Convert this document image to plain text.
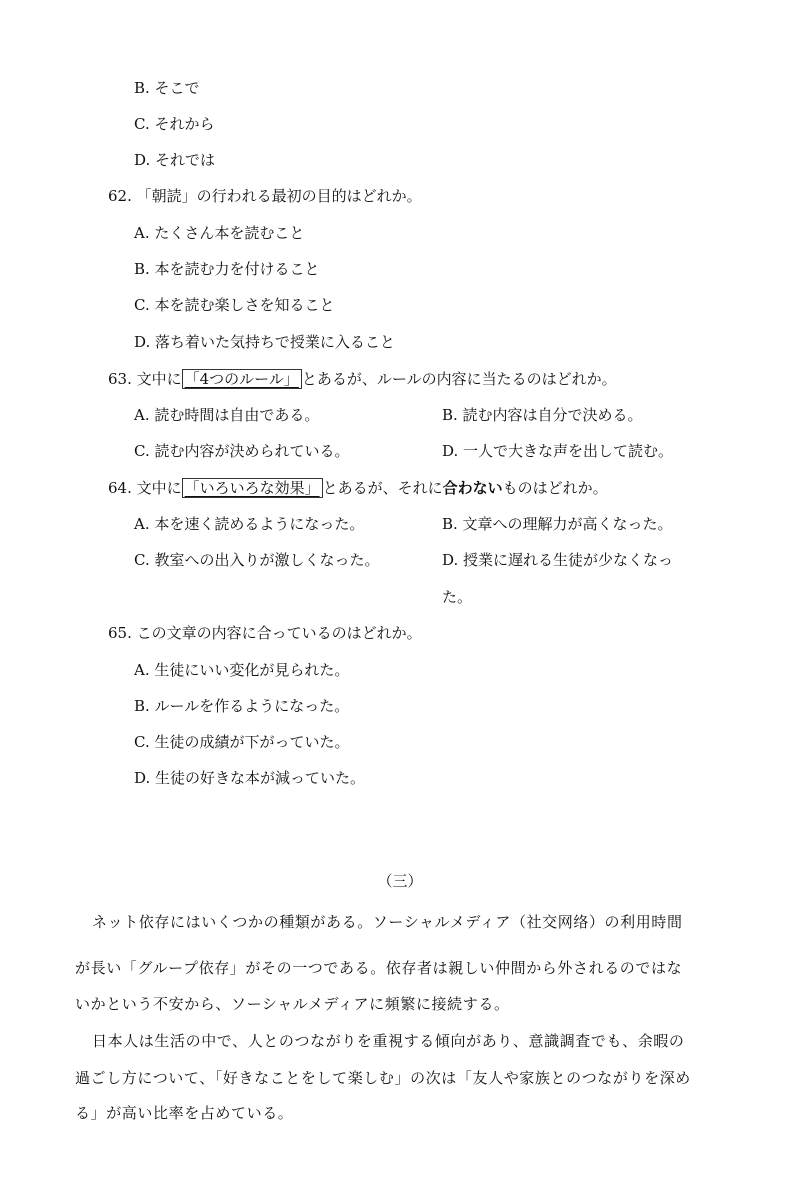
B. そこで
C. それから
D. それでは
62. 「朝読」の行われる最初の目的はどれか。
A. たくさん本を読むこと
B. 本を読む力を付けること
C. 本を読む楽しさを知ること
D. 落ち着いた気持ちで授業に入ること
63. 文中に 「4つのルール」 とあるが、ルールの内容に当たるのはどれか。
A. 読む時間は自由である。	B. 読む内容は自分で決める。
C. 読む内容が決められている。	D. 一人で大きな声を出して読む。
64. 文中に 「いろいろな効果」 とあるが、それに合わないものはどれか。
A. 本を速く読めるようになった。	B. 文章への理解力が高くなった。
C. 教室への出入りが激しくなった。	D. 授業に遅れる生徒が少なくなっ
た。
65. この文章の内容に合っているのはどれか。
A. 生徒にいい変化が見られた。
B. ルールを作るようになった。
C. 生徒の成績が下がっていた。
D. 生徒の好きな本が減っていた。
（三）
ネット依存にはいくつかの種類がある。ソーシャルメディア（社交网络）の利用時間
が長い「グループ依存」がその一つである。依存者は親しい仲間から外されるのではな
いかという不安から、ソーシャルメディアに頻繁に接続する。
日本人は生活の中で、人とのつながりを重視する傾向があり、意識調査でも、余暇の
過ごし方について、「好きなことをして楽しむ」の次は「友人や家族とのつながりを深め
る」が高い比率を占めている。
